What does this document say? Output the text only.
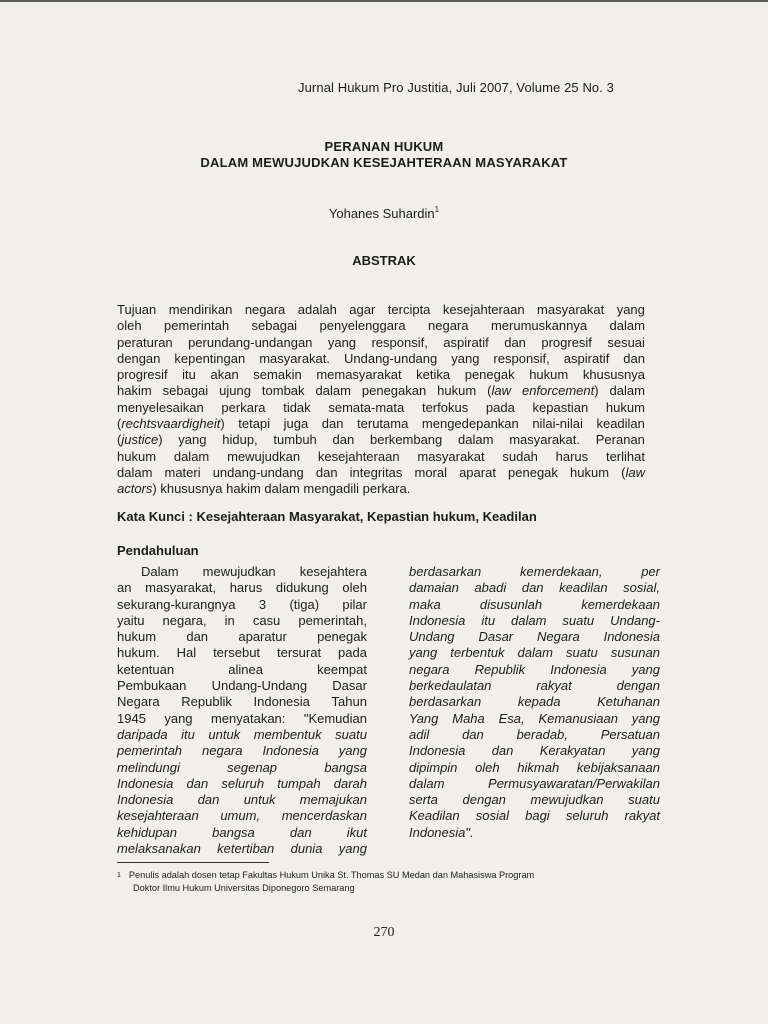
Jurnal Hukum Pro Justitia, Juli 2007, Volume 25 No. 3
PERANAN HUKUM
DALAM MEWUJUDKAN KESEJAHTERAAN MASYARAKAT
Yohanes Suhardin$^1$
ABSTRAK
Tujuan mendirikan negara adalah agar tercipta kesejahteraan masyarakat yang
oleh pemerintah sebagai penyelenggara negara merumuskannya dalam
peraturan perundang-undangan yang responsif, aspiratif dan progresif sesuai
dengan kepentingan masyarakat. Undang-undang yang responsif, aspiratif dan
progresif itu akan semakin memasyarakat ketika penegak hukum khususnya
hakim sebagai ujung tombak dalam penegakan hukum (law enforcement) dalam
menyelesaikan perkara tidak semata-mata terfokus pada kepastian hukum
(rechtsvaardigheit) tetapi juga dan terutama mengedepankan nilai-nilai keadilan
(justice) yang hidup, tumbuh dan berkembang dalam masyarakat. Peranan
hukum dalam mewujudkan kesejahteraan masyarakat sudah harus terlihat
dalam materi undang-undang dan integritas moral aparat penegak hukum (law
actors) khususnya hakim dalam mengadili perkara.
Kata Kunci : Kesejahteraan Masyarakat, Kepastian hukum, Keadilan
Pendahuluan
Dalam mewujudkan kesejahtera
an masyarakat, harus didukung oleh
sekurang-kurangnya 3 (tiga) pilar
yaitu negara, in casu pemerintah,
hukum dan aparatur penegak
hukum. Hal tersebut tersurat pada
ketentuan	alinea	keempat
Pembukaan Undang-Undang Dasar
Negara Republik Indonesia Tahun
1945 yang menyatakan: "Kemudian
daripada itu untuk membentuk suatu
pemerintah negara Indonesia yang
melindungi	segenap	bangsa
Indonesia dan seluruh tumpah darah
Indonesia dan untuk memajukan
kesejahteraan umum, mencerdaskan
kehidupan	bangsa	dan	ikut
melaksanakan ketertiban dunia yang
berdasarkan	kemerdekaan,	per
damaian abadi dan keadilan sosial,
maka	disusunlah	kemerdekaan
Indonesia itu dalam suatu Undang-
Undang Dasar Negara Indonesia
yang terbentuk dalam suatu susunan
negara Republik Indonesia yang
berkedaulatan	rakyat	dengan
berdasarkan	kepada	Ketuhanan
Yang Maha Esa, Kemanusiaan yang
adil	dan	beradab,	Persatuan
Indonesia dan Kerakyatan yang
dipimpin oleh hikmah kebijaksanaan
dalam	Permusyawaratan/Perwakilan
serta dengan mewujudkan suatu
Keadilan sosial bagi seluruh rakyat
Indonesia".
$^1$ Penulis adalah dosen tetap Fakultas Hukum Unika St. Thomas SU Medan dan Mahasiswa Program
Doktor Ilmu Hukum Universitas Diponegoro Semarang
270
